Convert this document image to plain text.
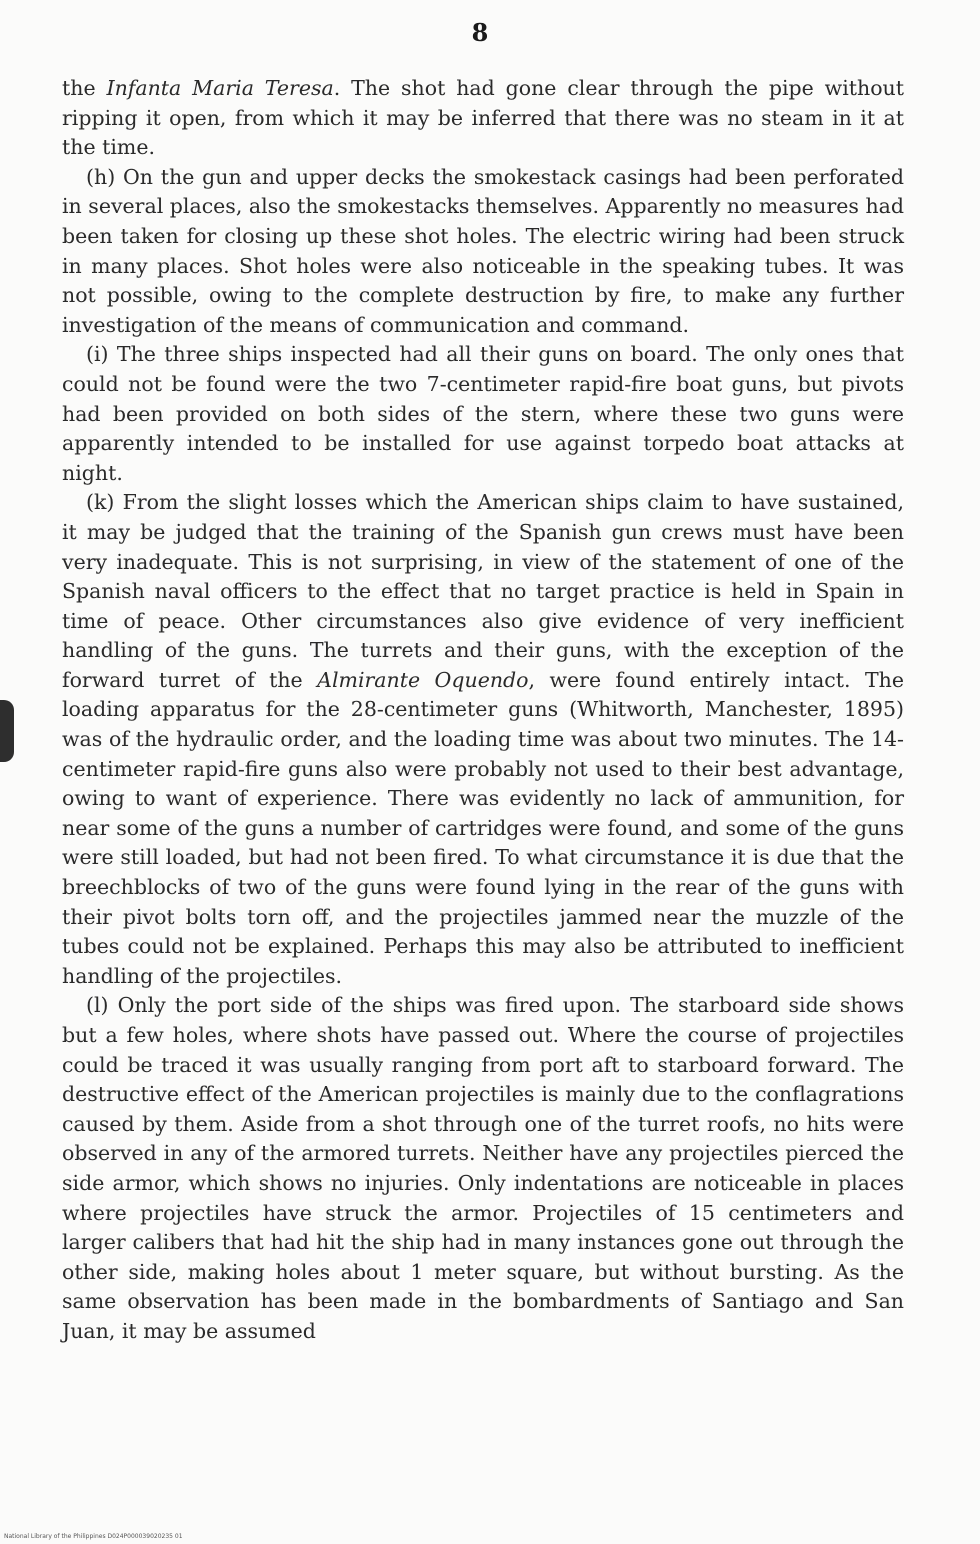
8

the Infanta Maria Teresa. The shot had gone clear through the pipe without ripping it open, from which it may be inferred that there was no steam in it at the time.

(h) On the gun and upper decks the smokestack casings had been perforated in several places, also the smokestacks themselves. Apparently no measures had been taken for closing up these shot holes. The electric wiring had been struck in many places. Shot holes were also noticeable in the speaking tubes. It was not possible, owing to the complete destruction by fire, to make any further investigation of the means of communication and command.

(i) The three ships inspected had all their guns on board. The only ones that could not be found were the two 7-centimeter rapid-fire boat guns, but pivots had been provided on both sides of the stern, where these two guns were apparently intended to be installed for use against torpedo boat attacks at night.

(k) From the slight losses which the American ships claim to have sustained, it may be judged that the training of the Spanish gun crews must have been very inadequate. This is not surprising, in view of the statement of one of the Spanish naval officers to the effect that no target practice is held in Spain in time of peace. Other circumstances also give evidence of very inefficient handling of the guns. The turrets and their guns, with the exception of the forward turret of the Almirante Oquendo, were found entirely intact. The loading apparatus for the 28-centimeter guns (Whitworth, Manchester, 1895) was of the hydraulic order, and the loading time was about two minutes. The 14-centimeter rapid-fire guns also were probably not used to their best advantage, owing to want of experience. There was evidently no lack of ammunition, for near some of the guns a number of cartridges were found, and some of the guns were still loaded, but had not been fired. To what circumstance it is due that the breechblocks of two of the guns were found lying in the rear of the guns with their pivot bolts torn off, and the projectiles jammed near the muzzle of the tubes could not be explained. Perhaps this may also be attributed to inefficient handling of the projectiles.

(l) Only the port side of the ships was fired upon. The starboard side shows but a few holes, where shots have passed out. Where the course of projectiles could be traced it was usually ranging from port aft to starboard forward. The destructive effect of the American projectiles is mainly due to the conflagrations caused by them. Aside from a shot through one of the turret roofs, no hits were observed in any of the armored turrets. Neither have any projectiles pierced the side armor, which shows no injuries. Only indentations are noticeable in places where projectiles have struck the armor. Projectiles of 15 centimeters and larger calibers that had hit the ship had in many instances gone out through the other side, making holes about 1 meter square, but without bursting. As the same observation has been made in the bombardments of Santiago and San Juan, it may be assumed

National Library of the Philippines D024P000039020235 01
